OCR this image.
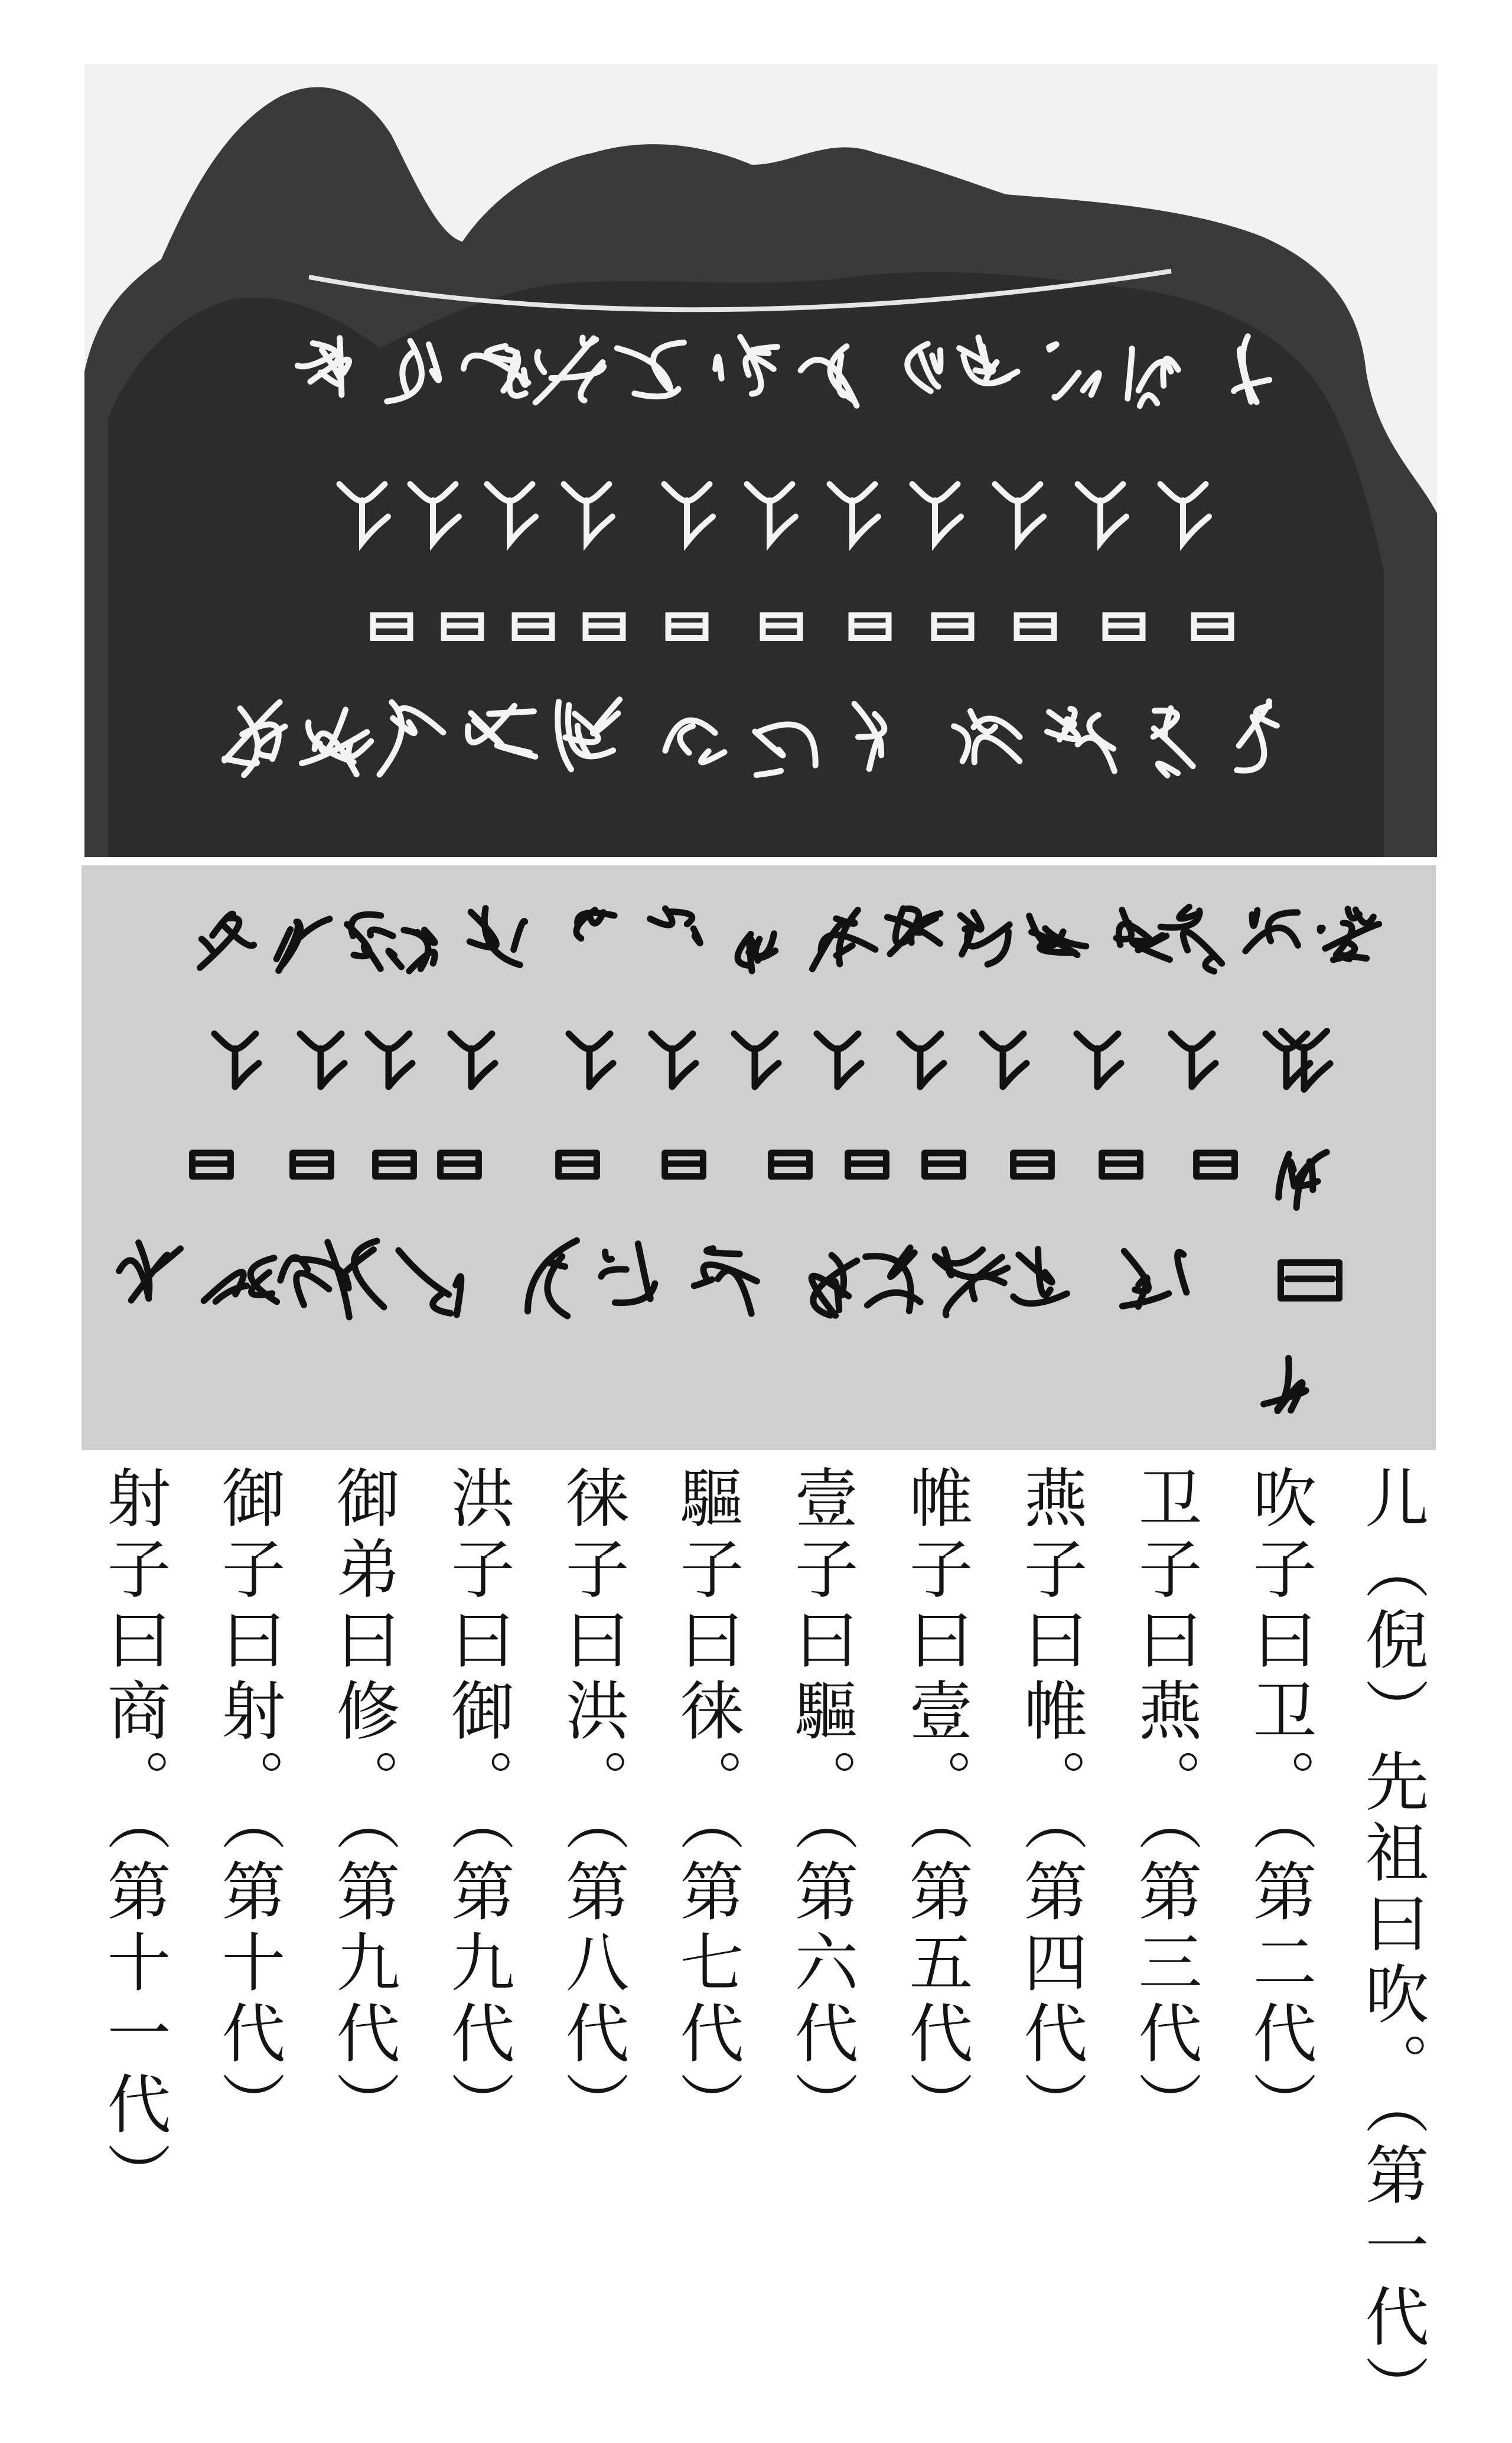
儿（倪）先祖曰吹。（第一代）
吹子曰卫。（第二代）
卫子曰燕。（第三代）
燕子曰帷。（第四代）
帷子曰壹。（第五代）
壹子曰驅。（第六代）
驅子曰徕。（第七代）
徕子曰洪。（第八代）
洪子曰御。（第九代）
御弟曰修。（第九代）
御子曰射。（第十代）
射子曰商。（第十一代）
